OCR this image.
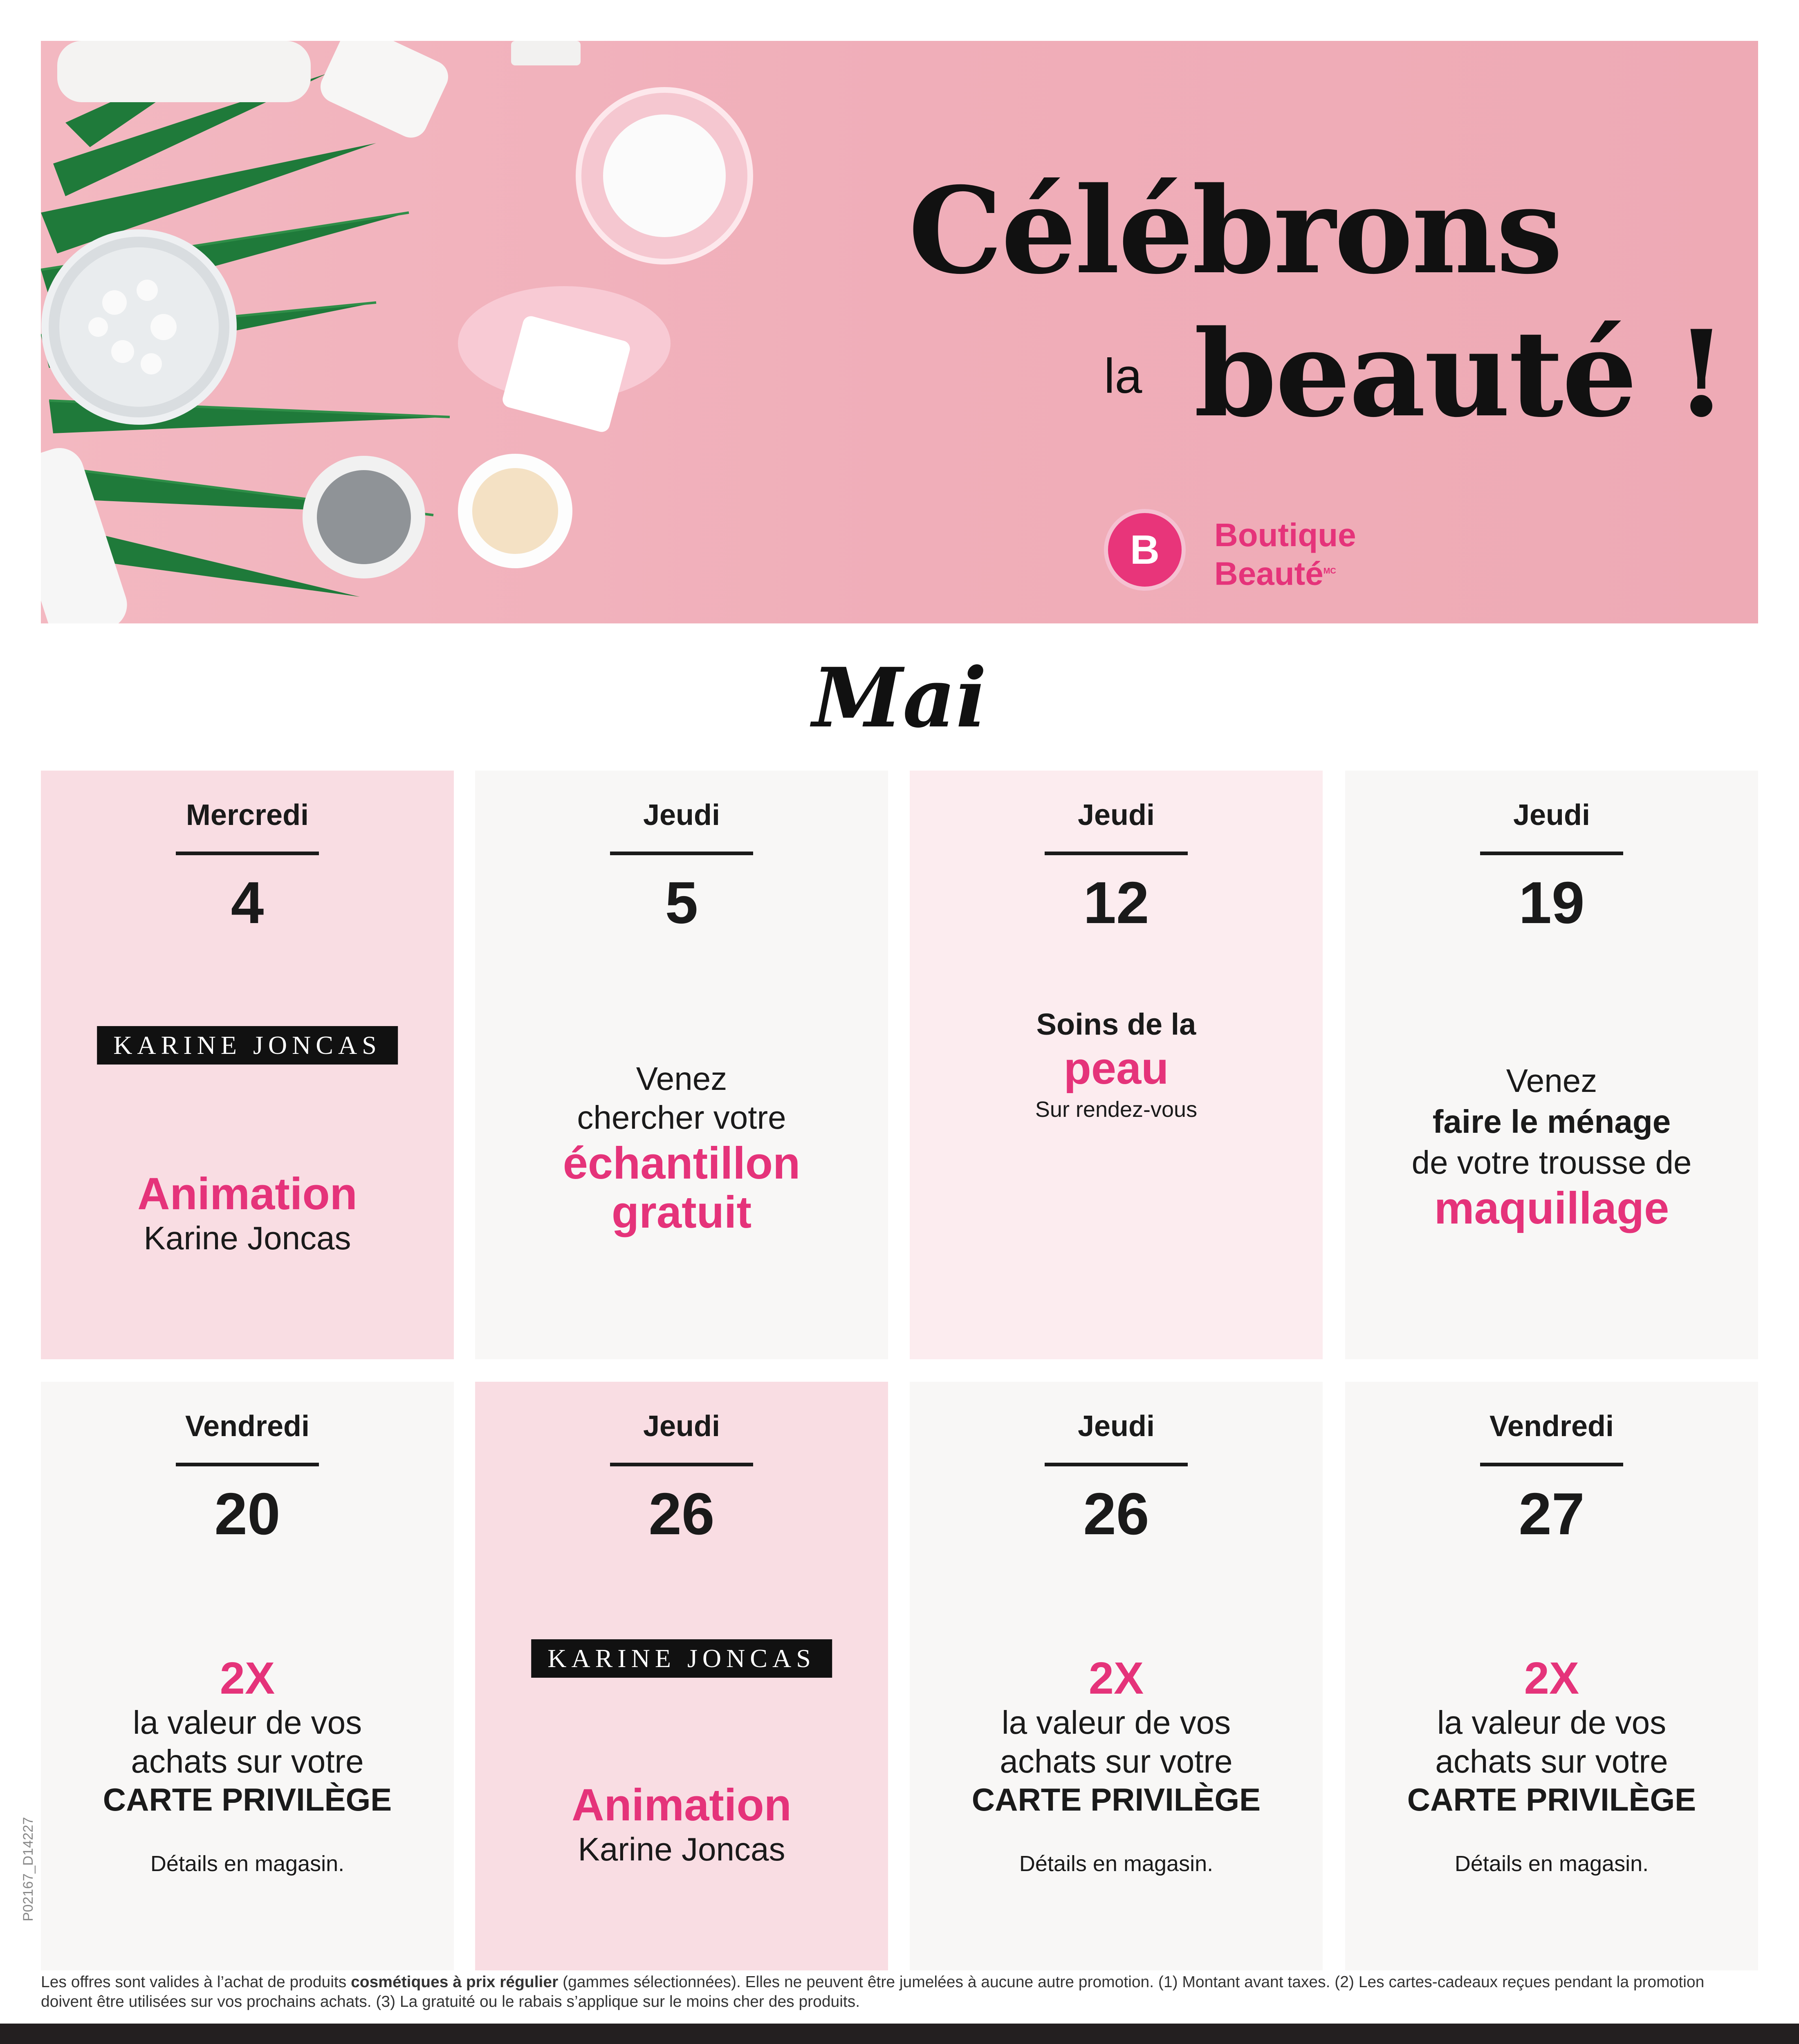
Célébrons
la beauté !
B	Boutique
Beauté$^{MC}$
Mai
Mercredi
4
KARINE JONCAS
Animation
Karine Joncas
Jeudi
5
Venez
chercher votre
échantillon
gratuit
Jeudi
12
Soins de la
peau
Sur rendez-vous
Jeudi
19
Venez
faire le ménage
de votre trousse de
maquillage
Vendredi
20
2X
la valeur de vos
achats sur votre
CARTE PRIVILÈGE
Détails en magasin.
Jeudi
26
KARINE JONCAS
Animation
Karine Joncas
Jeudi
26
2X
la valeur de vos
achats sur votre
CARTE PRIVILÈGE
Détails en magasin.
Vendredi
27
2X
la valeur de vos
achats sur votre
CARTE PRIVILÈGE
Détails en magasin.
P02167_D14227
Les offres sont valides à l’achat de produits cosmétiques à prix régulier (gammes sélectionnées). Elles ne peuvent être jumelées à aucune autre promotion. (1) Montant avant taxes. (2) Les cartes-cadeaux reçues pendant la promotion doivent être utilisées sur vos prochains achats. (3) La gratuité ou le rabais s’applique sur le moins cher des produits.
